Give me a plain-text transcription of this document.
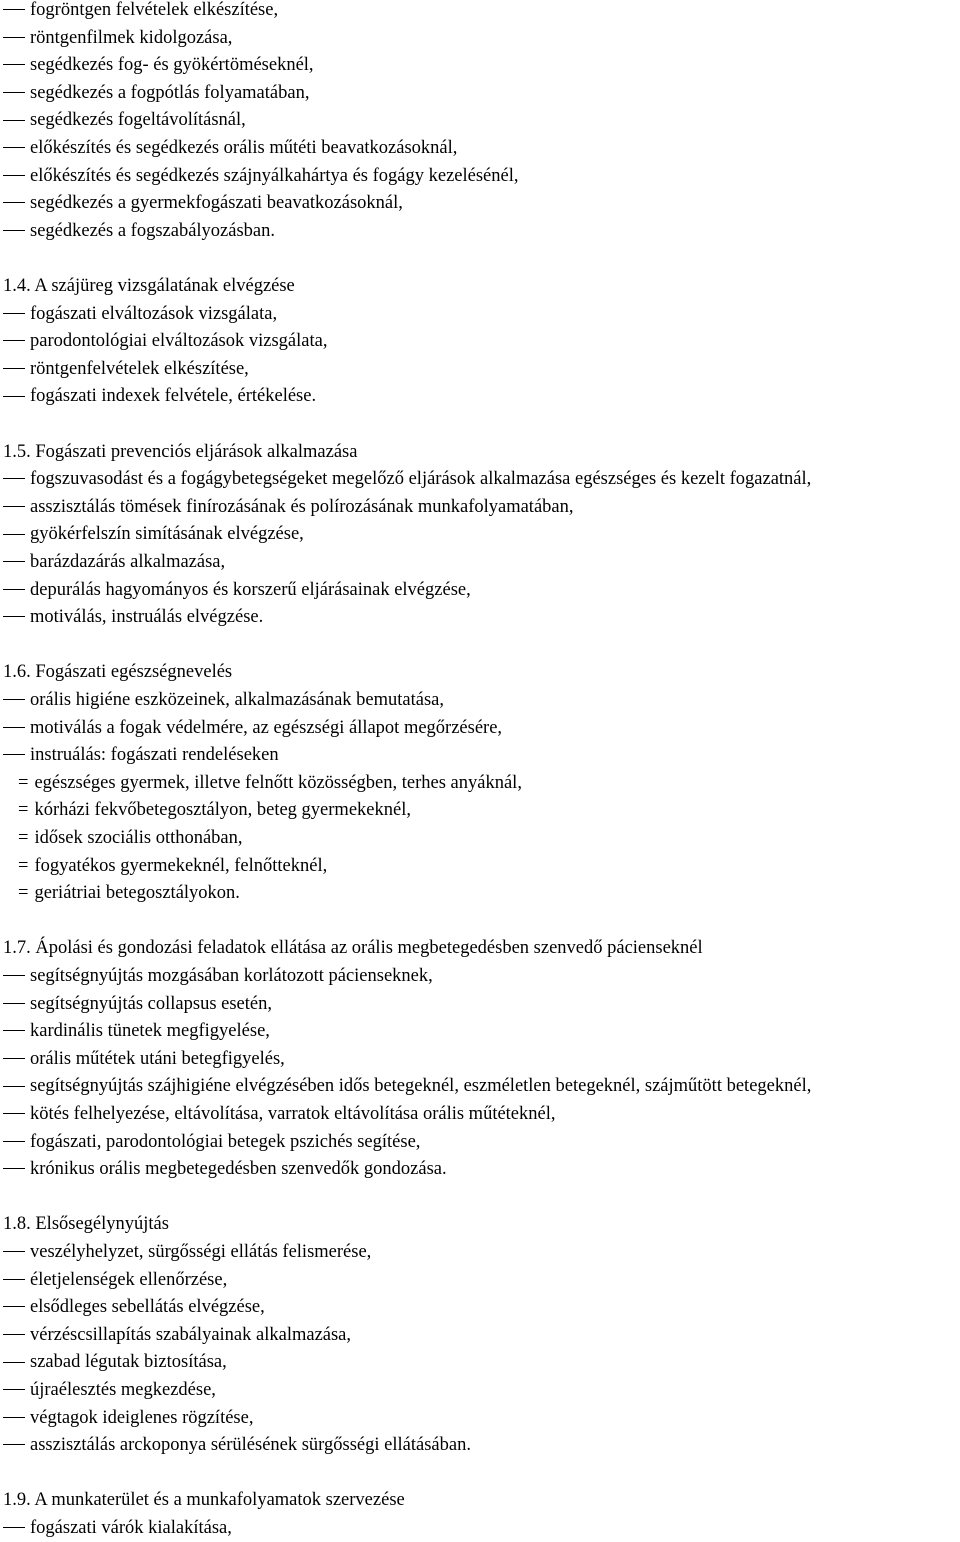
fogröntgen felvételek elkészítése,
röntgenfilmek kidolgozása,
segédkezés fog- és gyökértöméseknél,
segédkezés a fogpótlás folyamatában,
segédkezés fogeltávolításnál,
előkészítés és segédkezés orális műtéti beavatkozásoknál,
előkészítés és segédkezés szájnyálkahártya és fogágy kezelésénél,
segédkezés a gyermekfogászati beavatkozásoknál,
segédkezés a fogszabályozásban.
1.4. A szájüreg vizsgálatának elvégzése
fogászati elváltozások vizsgálata,
parodontológiai elváltozások vizsgálata,
röntgenfelvételek elkészítése,
fogászati indexek felvétele, értékelése.
1.5. Fogászati prevenciós eljárások alkalmazása
fogszuvasodást és a fogágybetegségeket megelőző eljárások alkalmazása egészséges és kezelt fogazatnál,
asszisztálás tömések finírozásának és polírozásának munkafolyamatában,
gyökérfelszín simításának elvégzése,
barázdazárás alkalmazása,
depurálás hagyományos és korszerű eljárásainak elvégzése,
motiválás, instruálás elvégzése.
1.6. Fogászati egészségnevelés
orális higiéne eszközeinek, alkalmazásának bemutatása,
motiválás a fogak védelmére, az egészségi állapot megőrzésére,
instruálás: fogászati rendeléseken
= egészséges gyermek, illetve felnőtt közösségben, terhes anyáknál,
= kórházi fekvőbetegosztályon, beteg gyermekeknél,
= idősek szociális otthonában,
= fogyatékos gyermekeknél, felnőtteknél,
= geriátriai betegosztályokon.
1.7. Ápolási és gondozási feladatok ellátása az orális megbetegedésben szenvedő pácienseknél
segítségnyújtás mozgásában korlátozott pácienseknek,
segítségnyújtás collapsus esetén,
kardinális tünetek megfigyelése,
orális műtétek utáni betegfigyelés,
segítségnyújtás szájhigiéne elvégzésében idős betegeknél, eszméletlen betegeknél, szájműtött betegeknél,
kötés felhelyezése, eltávolítása, varratok eltávolítása orális műtéteknél,
fogászati, parodontológiai betegek pszichés segítése,
krónikus orális megbetegedésben szenvedők gondozása.
1.8. Elsősegélynyújtás
veszélyhelyzet, sürgősségi ellátás felismerése,
életjelenségek ellenőrzése,
elsődleges sebellátás elvégzése,
vérzéscsillapítás szabályainak alkalmazása,
szabad légutak biztosítása,
újraélesztés megkezdése,
végtagok ideiglenes rögzítése,
asszisztálás arckoponya sérülésének sürgősségi ellátásában.
1.9. A munkaterület és a munkafolyamatok szervezése
fogászati várók kialakítása,
